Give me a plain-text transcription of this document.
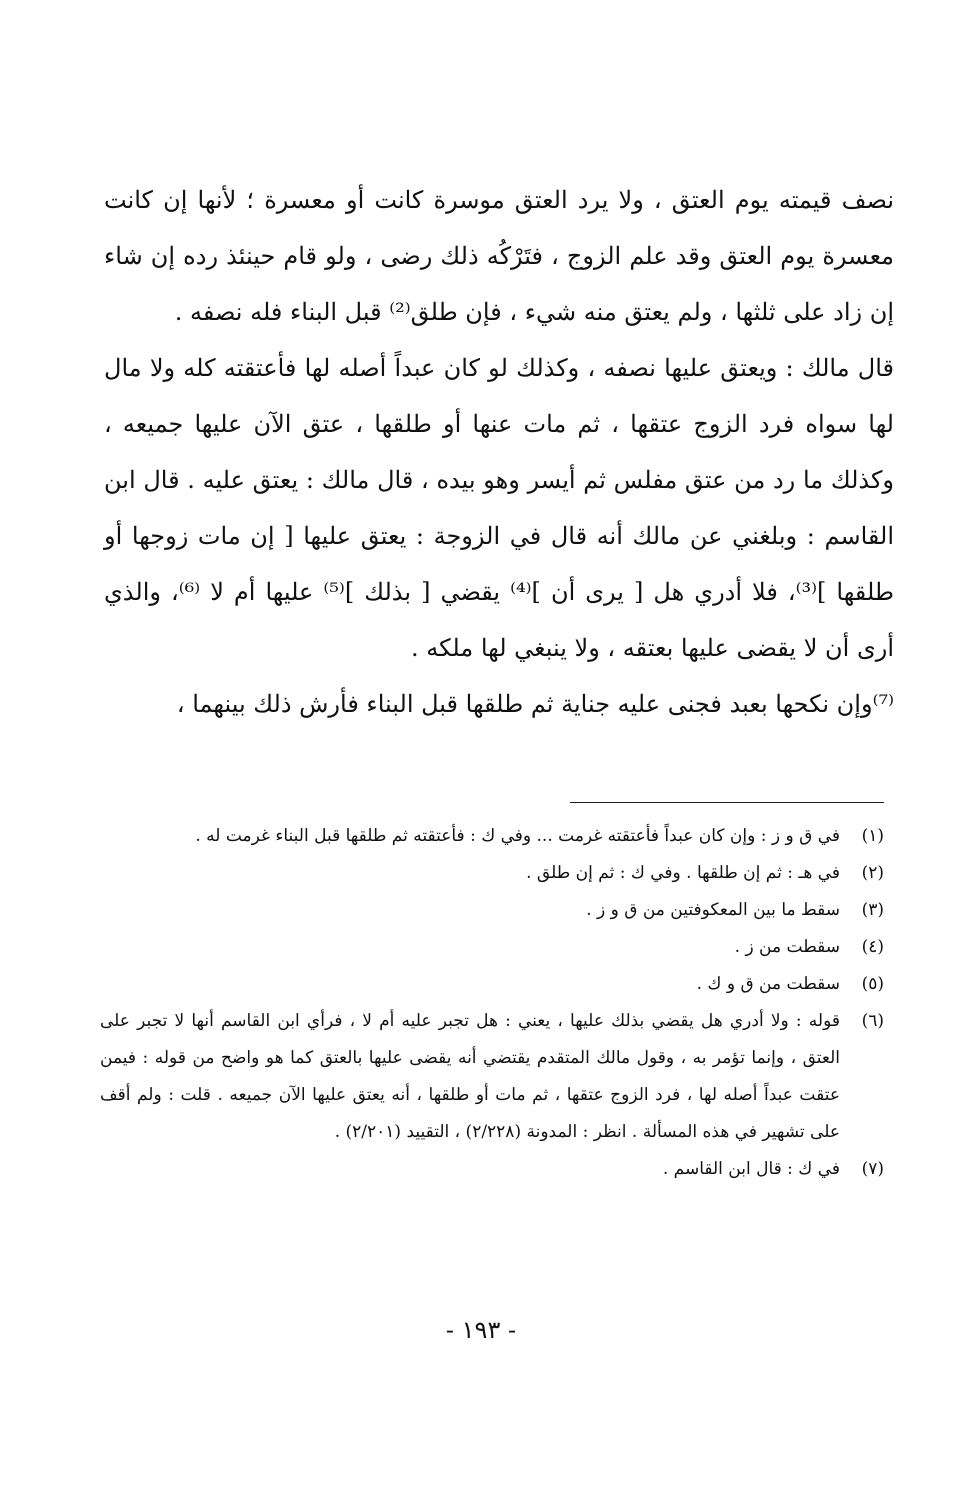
نصف قيمته يوم العتق ، ولا يرد العتق موسرة كانت أو معسرة ؛ لأنها إن كانت معسرة يوم العتق وقد علم الزوج ، فتَرْكُه ذلك رضى ، ولو قام حينئذ رده إن شاء إن زاد على ثلثها ، ولم يعتق منه شيء ، فإن طلق⁽²⁾ قبل البناء فله نصفه .

قال مالك : ويعتق عليها نصفه ، وكذلك لو كان عبداً أصله لها فأعتقته كله ولا مال لها سواه فرد الزوج عتقها ، ثم مات عنها أو طلقها ، عتق الآن عليها جميعه ، وكذلك ما رد من عتق مفلس ثم أيسر وهو بيده ، قال مالك : يعتق عليه . قال ابن القاسم : وبلغني عن مالك أنه قال في الزوجة : يعتق عليها [ إن مات زوجها أو طلقها ]⁽³⁾، فلا أدري هل [ يرى أن ]⁽⁴⁾ يقضي [ بذلك ]⁽⁵⁾ عليها أم لا ⁽⁶⁾، والذي أرى أن لا يقضى عليها بعتقه ، ولا ينبغي لها ملكه .

⁽⁷⁾وإن نكحها بعبد فجنى عليه جناية ثم طلقها قبل البناء فأرش ذلك بينهما ،

(١)
في ق و ز : وإن كان عبداً فأعتقته غرمت ... وفي ك : فأعتقته ثم طلقها قبل البناء غرمت له .
(٢)
في هـ : ثم إن طلقها . وفي ك : ثم إن طلق .
(٣)
سقط ما بين المعكوفتين من ق و ز .
(٤)
سقطت من ز .
(٥)
سقطت من ق و ك .
(٦)
قوله : ولا أدري هل يقضي بذلك عليها ، يعني : هل تجبر عليه أم لا ، فرأي ابن القاسم أنها لا تجبر على العتق ، وإنما تؤمر به ، وقول مالك المتقدم يقتضي أنه يقضى عليها بالعتق كما هو واضح من قوله : فيمن عتقت عبداً أصله لها ، فرد الزوج عتقها ، ثم مات أو طلقها ، أنه يعتق عليها الآن جميعه . قلت : ولم أقف على تشهير في هذه المسألة . انظر : المدونة (٢/٢٢٨) ، التقييد (٢/٢٠١) .
(٧)
في ك : قال ابن القاسم .
- ١٩٣ -
